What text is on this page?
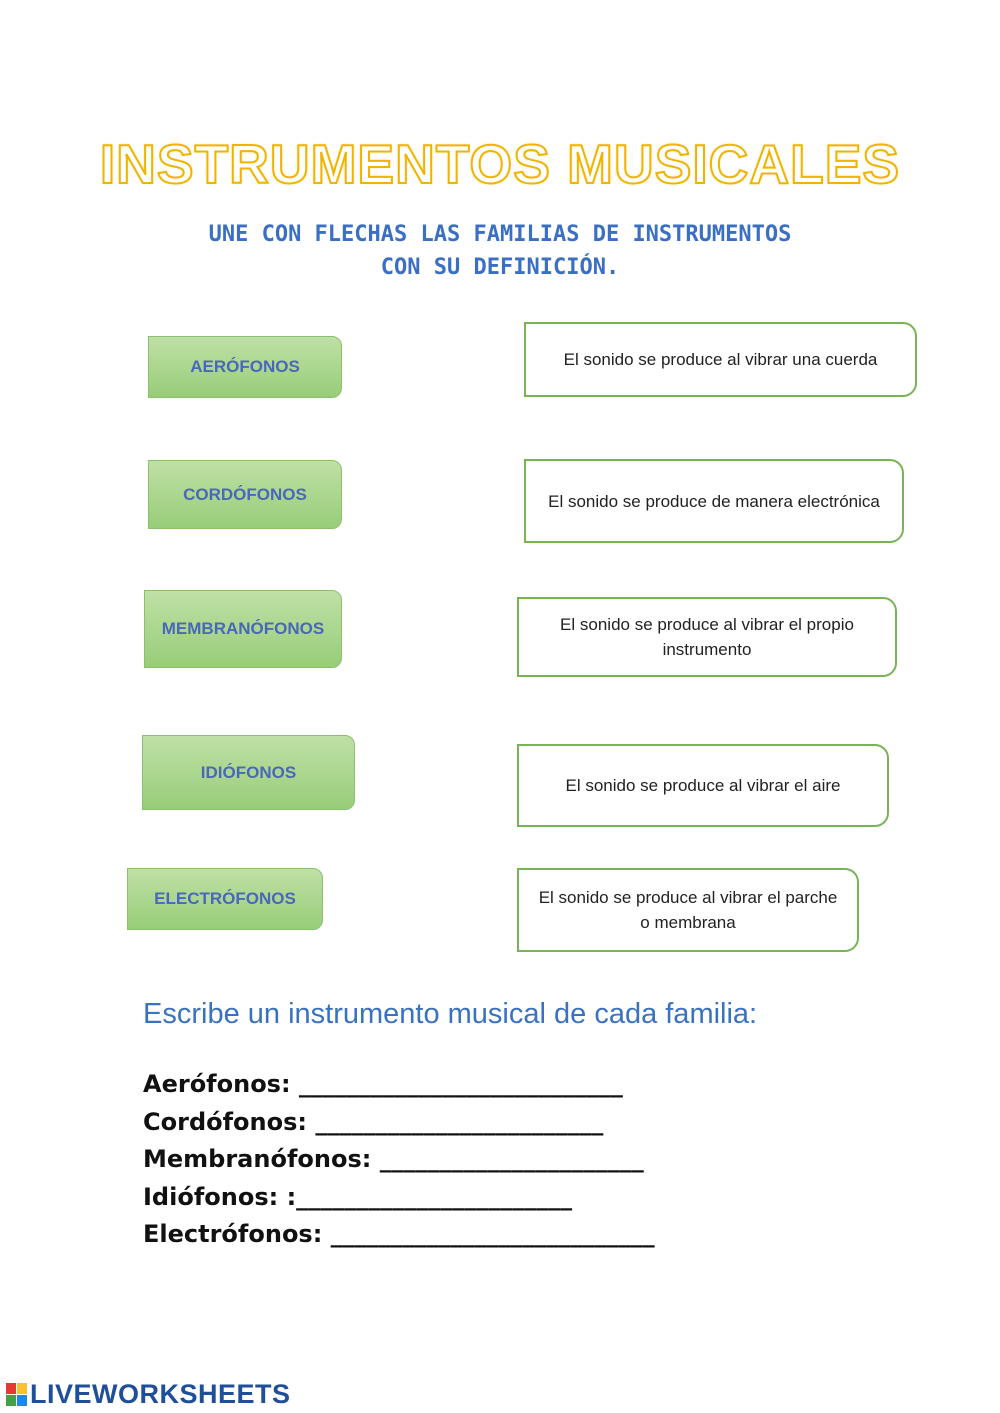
INSTRUMENTOS MUSICALES
UNE CON FLECHAS LAS FAMILIAS DE INSTRUMENTOS
CON SU DEFINICIÓN.
AERÓFONOS
CORDÓFONOS
MEMBRANÓFONOS
IDIÓFONOS
ELECTRÓFONOS
El sonido se produce al vibrar una cuerda
El sonido se produce de manera electrónica
El sonido se produce al vibrar el propio instrumento
El sonido se produce al vibrar el aire
El sonido se produce al vibrar el parche o membrana
Escribe un instrumento musical de cada familia:
Aerófonos: ___________________________
Cordófonos: ________________________
Membranófonos: ______________________
Idiófonos: :_______________________
Electrófonos: ___________________________
LIVEWORKSHEETS
